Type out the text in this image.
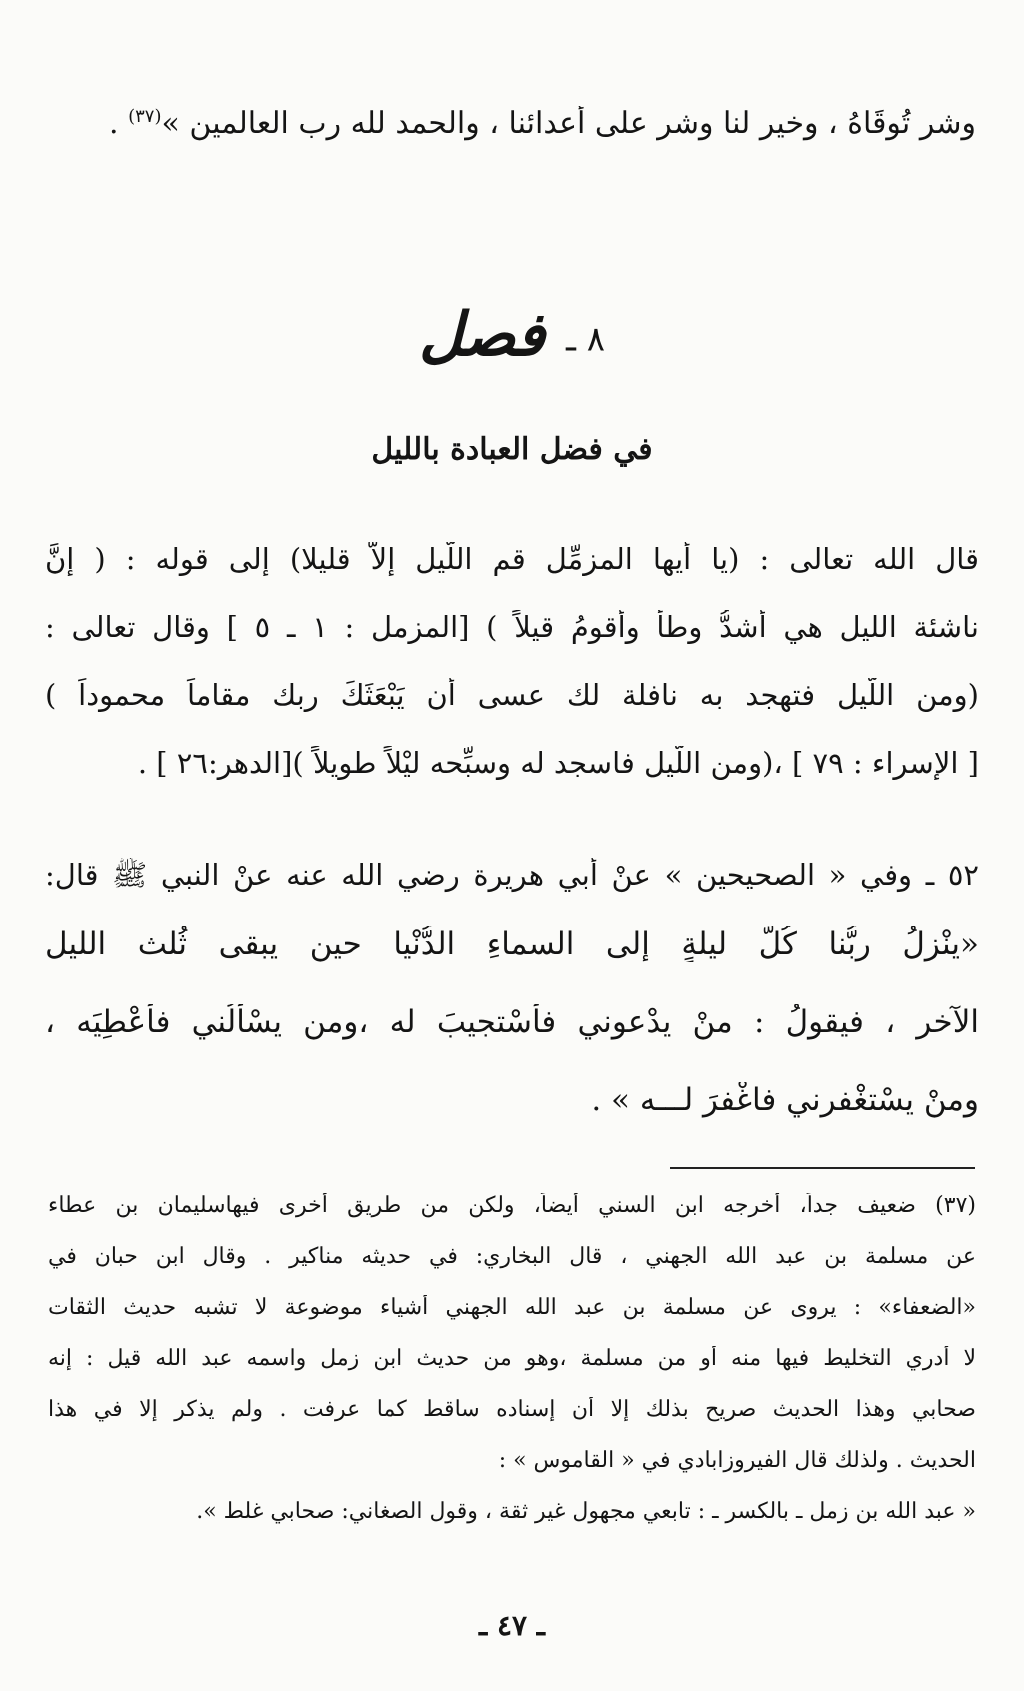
وشر تُوقَاهُ ، وخير لنا وشر على أعدائنا ، والحمد لله رب العالمين »$^{(٣٧)}$ .
٨ ـ فصل
في فضل العبادة بالليل
قال الله تعالى : (يا أيها المزمِّل قم اللَّيل إلاَّ قليلا) إلى قوله : ( إنَّ
ناشئة الليل هي أَشدُّ وطأً وأَقومُ قيلاً ) [المزمل : ١ ـ ٥ ] وقال تعالى :
(ومن اللَّيل فتهجد به نافلة لك عسى أَن يَبْعَثَكَ ربك مقاماً محموداً )
[ الإسراء : ٧٩ ] ،(ومن اللَّيل فاسجد له وسبِّحه ليْلاً طويلاً )[الدهر:٢٦ ] .
٥٢ ـ وفي « الصحيحين » عنْ أَبي هريرة رضي الله عنه عنْ النبي ﷺ قال:
«ينْزِلُ ربُّنا كُلَّ ليلةٍ إلى السماءِ الدُّنْيا حين يبقى ثُلث الليل
الآخر ، فيقولُ : منْ يدْعوني فأَسْتجيبَ له ،ومن يسْأَلُني فأُعْطِيَه ،
ومنْ يسْتغْفرني فاغْفرَ لـــه » .
(٣٧) ضعيف جداً، أخرجه ابن السني أيضاً، ولكن من طريق أخرى فيهاسليمان بن عطاء
عن مسلمة بن عبد الله الجهني ، قال البخاري: في حديثه مناكير . وقال ابن حبان في
«الضعفاء» : يروى عن مسلمة بن عبد الله الجهني أشياء موضوعة لا تشبه حديث الثقات
لا أدري التخليط فيها منه أو من مسلمة ،وهو من حديث ابن زمل واسمه عبد الله قيل : إنه
صحابي وهذا الحديث صريح بذلك إلا أن إسناده ساقط كما عرفت . ولم يذكر إلا في هذا
الحديث . ولذلك قال الفيروزابادي في « القاموس » :
« عبد الله بن زِمل ـ بالكسر ـ : تابعي مجهول غير ثقة ، وقول الصغاني: صحابي غلط ».
ـ ٤٧ ـ
